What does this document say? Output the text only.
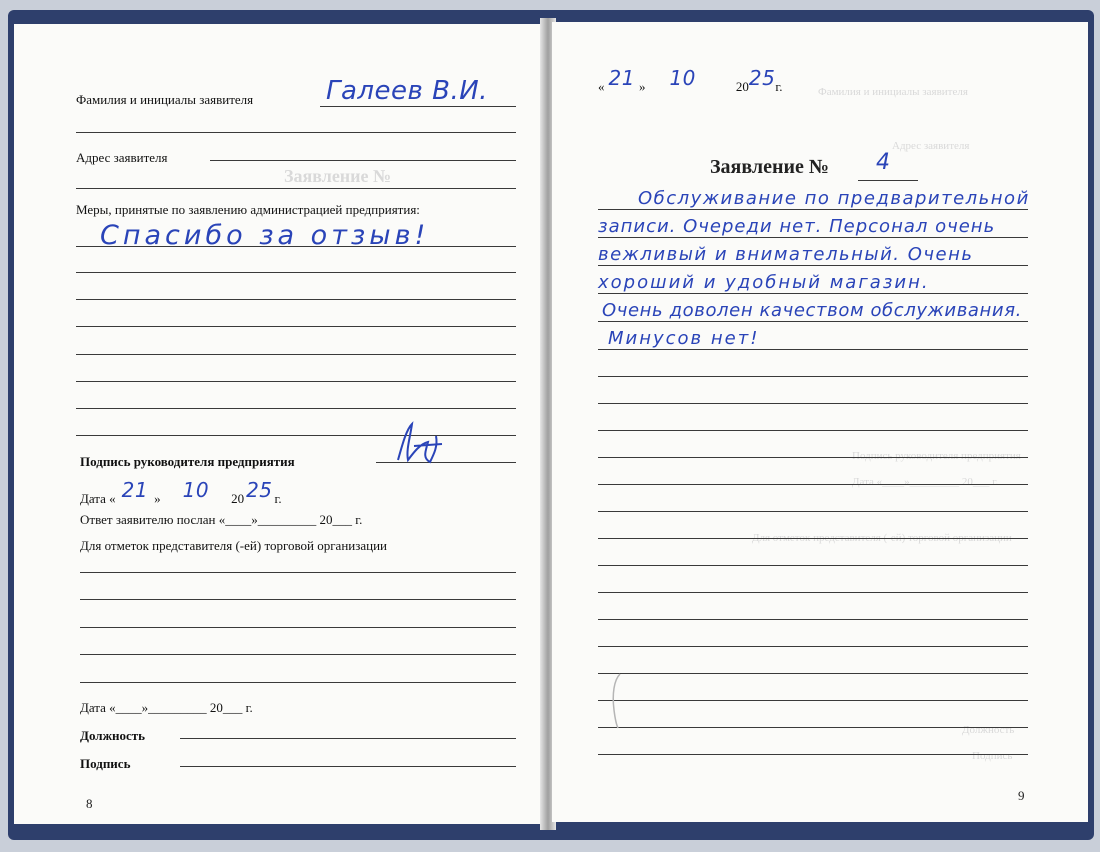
Заявление №
Фамилия и инициалы заявителя	Галеев В.И.
Адрес заявителя
Меры, принятые по заявлению администрацией предприятия:
Спасибо за отзыв!
Подпись руководителя предприятия
Дата « 21 » 10 20 25 г.
Ответ заявителю послан «____»_________ 20___ г.
Для отметок представителя (-ей) торговой организации
Дата «____»_________ 20___ г.
Должность
Подпись
8
Фамилия и инициалы заявителя
Адрес заявителя
Подпись руководителя предприятия
Дата «____»_________ 20___ г.
Для отметок представителя (-ей) торговой организации
Должность
Подпись
« 21 » 10	2025г.
Заявление № 4
Обслуживание по предварительной
записи. Очереди нет. Персонал очень
вежливый и внимательный. Очень
хороший и удобный магазин.
Очень доволен качеством обслуживания.
Минусов нет!
9
